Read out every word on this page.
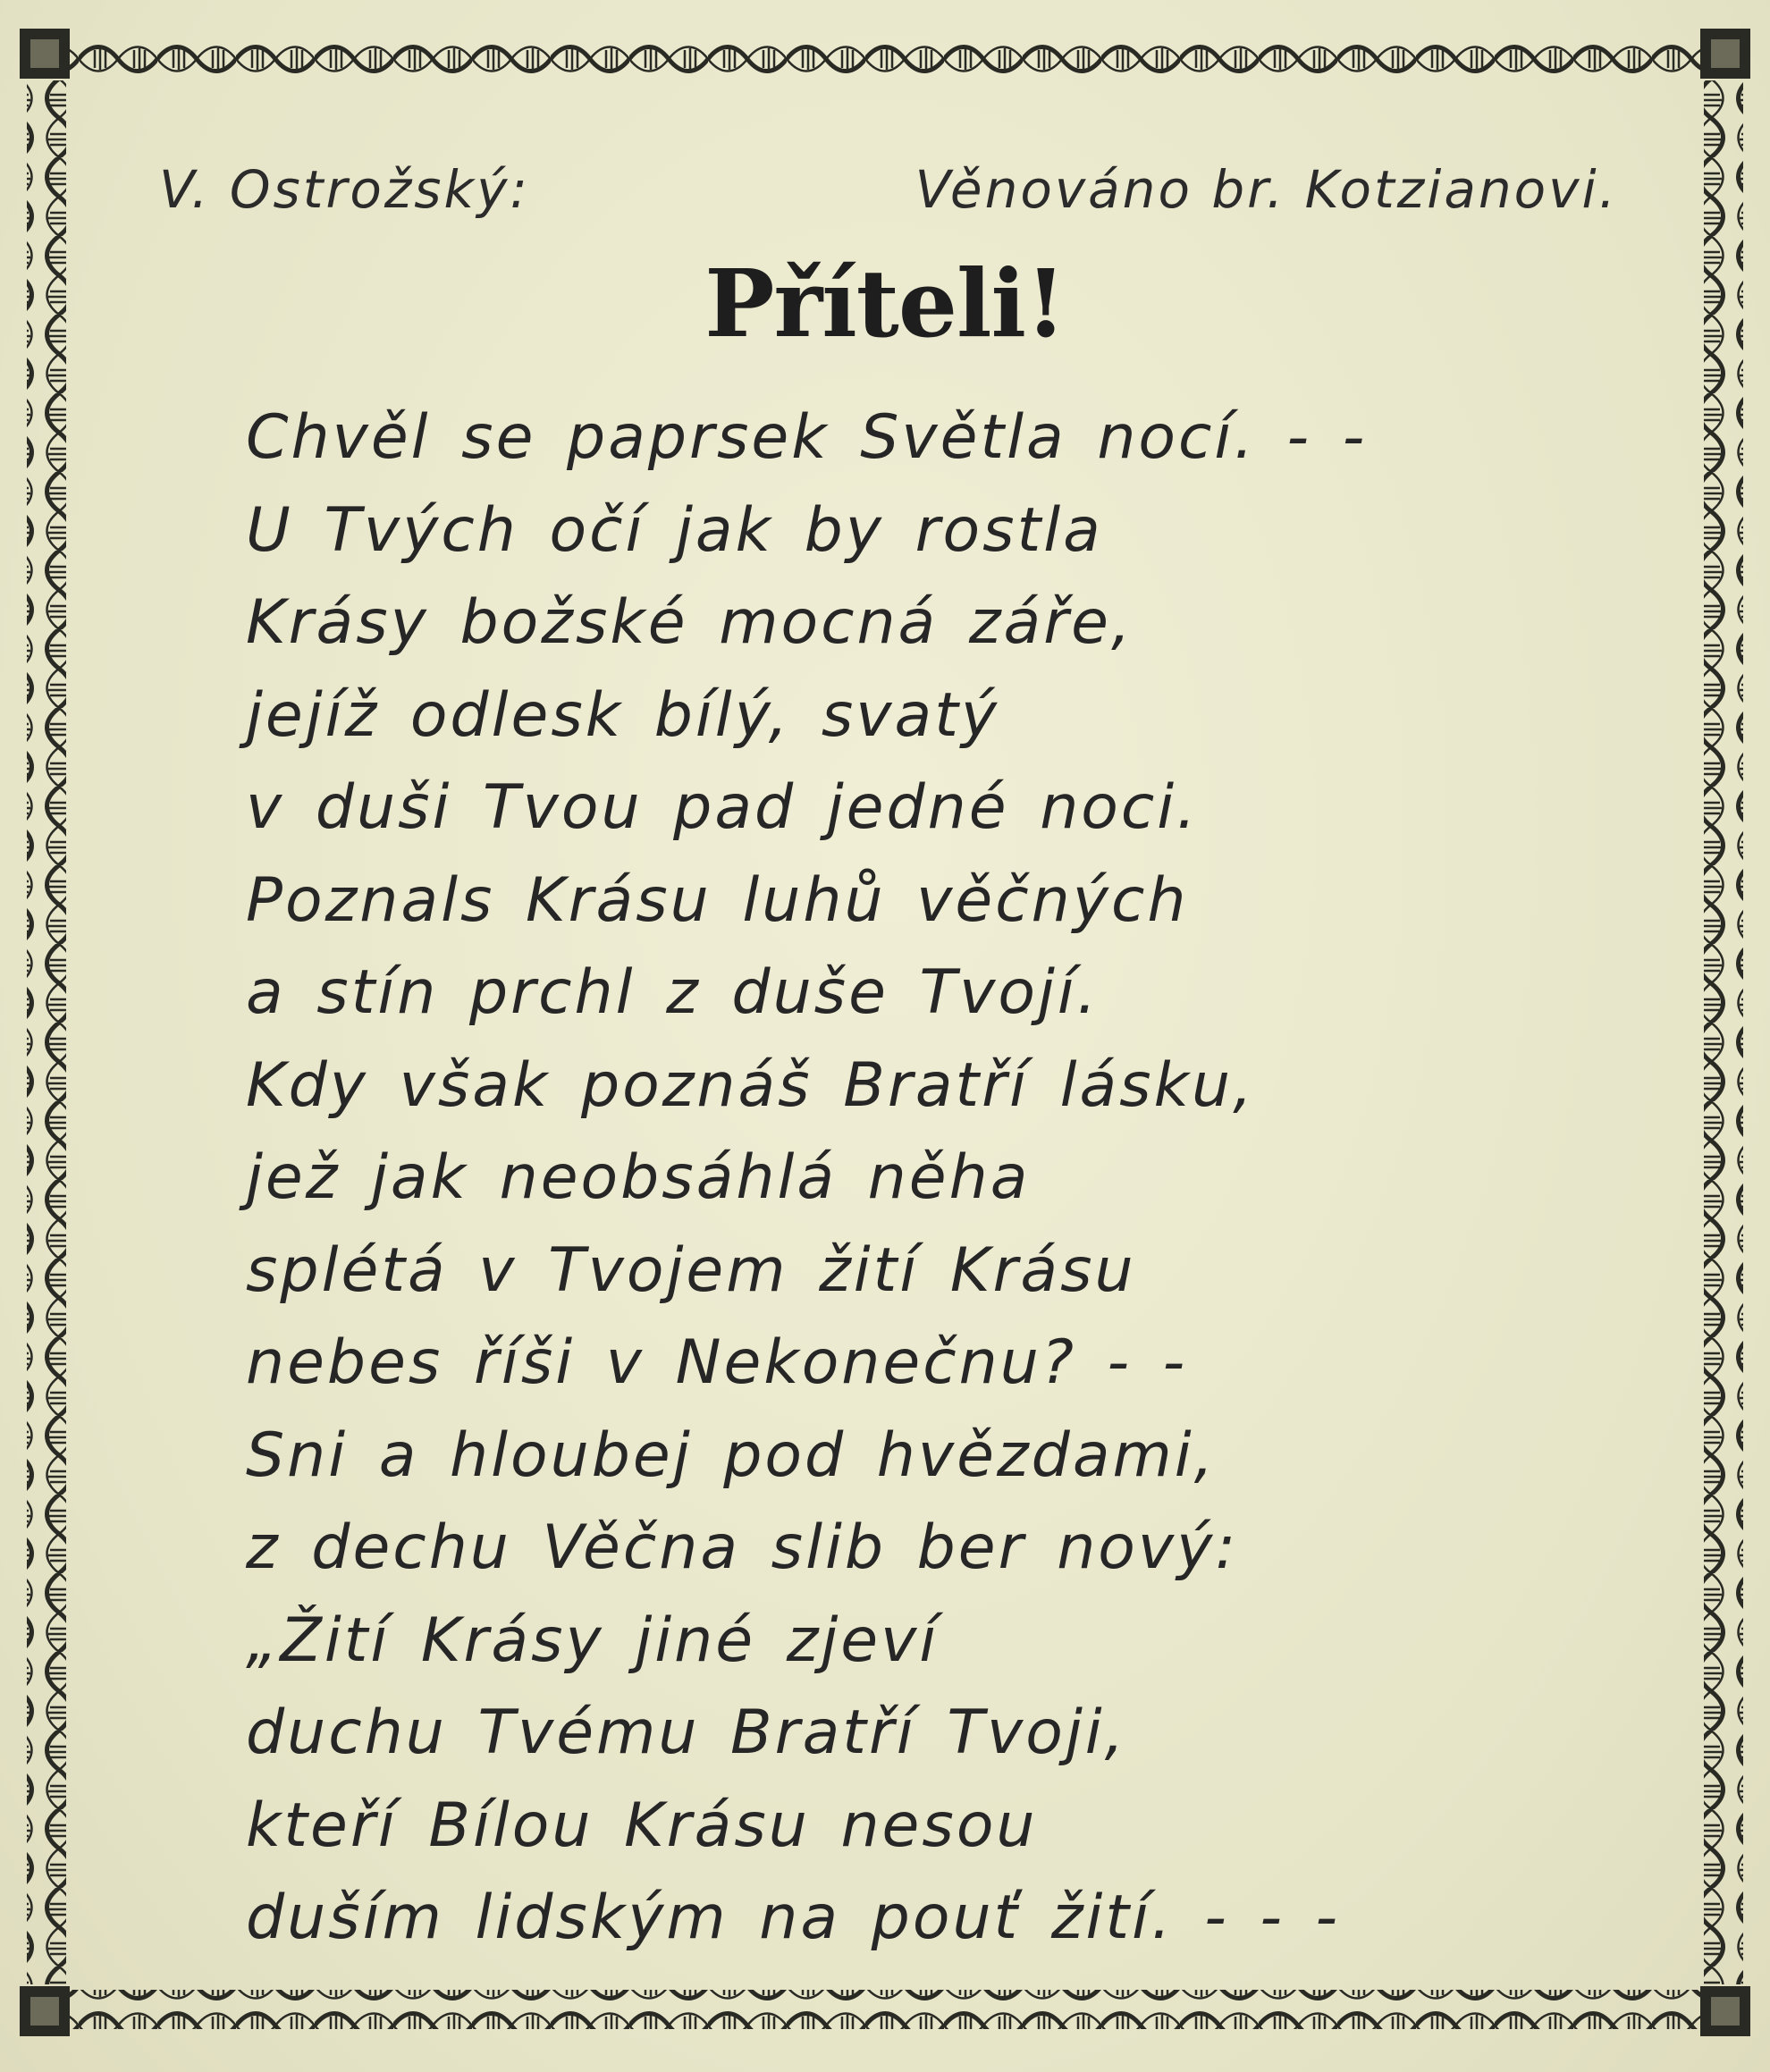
V. Ostrožský:	Věnováno br. Kotzianovi.
Příteli!
Chvěl se paprsek Světla nocí. - -
U Tvých očí jak by rostla
Krásy božské mocná záře,
jejíž odlesk bílý, svatý
v duši Tvou pad jedné noci.
Poznals Krásu luhů věčných
a stín prchl z duše Tvojí.
Kdy však poznáš Bratří lásku,
jež jak neobsáhlá něha
splétá v Tvojem žití Krásu
nebes říši v Nekonečnu? - -
Sni a hloubej pod hvězdami,
z dechu Věčna slib ber nový:
„Žití Krásy jiné zjeví
duchu Tvému Bratří Tvoji,
kteří Bílou Krásu nesou
duším lidským na pouť žití. - - -
